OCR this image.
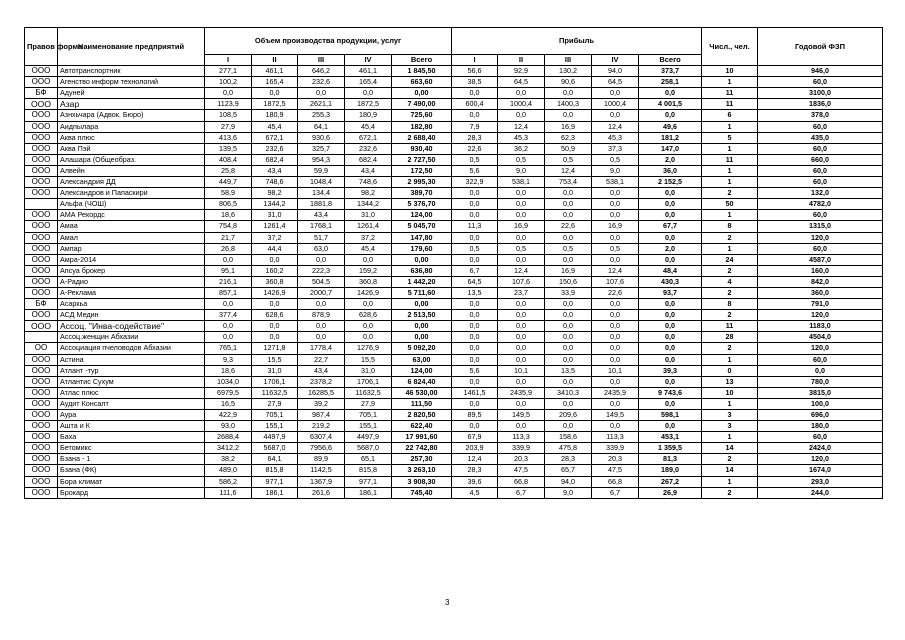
Правов форма	Наименование предприятий	Объем производства продукции, услуг					Прибыль					Числ., чел.	Годовой ФЗП
		I	II	III	IV	Всего	I	II	III	IV	Всего		
ООО	Автотранспортник	277,1	461,1	646,2	461,1	1 845,50	56,6	92,9	130,2	94,0	373,7	10	946,0
ООО	Агенство информ технологий	100,2	165,4	232,6	165,4	663,60	38,5	64,5	90,6	64,5	258,1	1	60,0
БФ	Адуней	0,0	0,0	0,0	0,0	0,00	0,0	0,0	0,0	0,0	0,0	11	3100,0
ООО	Азар	1123,9	1872,5	2621,1	1872,5	7 490,00	600,4	1000,4	1400,3	1000,4	4 001,5	11	1836,0
ООО	Азнхьчара (Адвок. Бюро)	108,5	180,9	255,3	180,9	725,60	0,0	0,0	0,0	0,0	0,0	6	378,0
ООО	Аидпылара	27,9	45,4	64,1	45,4	182,80	7,9	12,4	16,9	12,4	49,6	1	60,0
ООО	Аква плюс	413,6	672,1	930,6	672,1	2 688,40	28,3	45,3	62,3	45,3	181,2	5	435,0
ООО	Аква Пэй	139,5	232,6	325,7	232,6	930,40	22,6	36,2	50,9	37,3	147,0	1	60,0
ООО	Алашара (Общеобраз.	408,4	682,4	954,3	682,4	2 727,50	0,5	0,5	0,5	0,5	2,0	11	660,0
ООО	Алвейн	25,8	43,4	59,9	43,4	172,50	5,6	9,0	12,4	9,0	36,0	1	60,0
ООО	Александрия ДД	449,7	748,6	1048,4	748,6	2 995,30	322,9	538,1	753,4	538,1	2 152,5	1	60,0
ООО	Александров и Папаскири	58,9	98,2	134,4	98,2	389,70	0,0	0,0	0,0	0,0	0,0	2	132,0
	Альфа (ЧОШ)	806,5	1344,2	1881,8	1344,2	5 376,70	0,0	0,0	0,0	0,0	0,0	50	4782,0
ООО	АМА Рекордс	18,6	31,0	43,4	31,0	124,00	0,0	0,0	0,0	0,0	0,0	1	60,0
ООО	Амаа	754,8	1261,4	1768,1	1261,4	5 045,70	11,3	16,9	22,6	16,9	67,7	8	1315,0
ООО	Амал	21,7	37,2	51,7	37,2	147,80	0,0	0,0	0,0	0,0	0,0	2	120,0
ООО	Ампар	26,8	44,4	63,0	45,4	179,60	0,5	0,5	0,5	0,5	2,0	1	60,0
ООО	Амра-2014	0,0	0,0	0,0	0,0	0,00	0,0	0,0	0,0	0,0	0,0	24	4587,0
ООО	Апсуа брокер	95,1	160,2	222,3	159,2	636,80	6,7	12,4	16,9	12,4	48,4	2	160,0
ООО	А-Радио	216,1	360,8	504,5	360,8	1 442,20	64,5	107,6	150,6	107,6	430,3	4	842,0
ООО	А-Реклама	857,1	1426,9	2000,7	1426,9	5 711,60	13,5	23,7	33,9	22,6	93,7	2	360,0
БФ	Асаркьа	0,0	0,0	0,0	0,0	0,00	0,0	0,0	0,0	0,0	0,0	8	791,0
ООО	АСД Медин	377,4	628,6	878,9	628,6	2 513,50	0,0	0,0	0,0	0,0	0,0	2	120,0
ООО	Ассоц. "Инва-содействие"	0,0	0,0	0,0	0,0	0,00	0,0	0,0	0,0	0,0	0,0	11	1183,0
	Ассоц.женщин Абхазии	0,0	0,0	0,0	0,0	0,00	0,0	0,0	0,0	0,0	0,0	28	4504,0
ОО	Ассоциация пчеловодов Абхазии	765,1	1271,8	1778,4	1276,9	5 092,20	0,0	0,0	0,0	0,0	0,0	2	120,0
ООО	Астина	9,3	15,5	22,7	15,5	63,00	0,0	0,0	0,0	0,0	0,0	1	60,0
ООО	Атлант -тур	18,6	31,0	43,4	31,0	124,00	5,6	10,1	13,5	10,1	39,3	0	0,0
ООО	Атлантис Сухум	1034,0	1706,1	2378,2	1706,1	6 824,40	0,0	0,0	0,0	0,0	0,0	13	780,0
ООО	Атлас плюс	6979,5	11632,5	16285,5	11632,5	46 530,00	1461,5	2435,9	3410,3	2435,9	9 743,6	10	3815,0
ООО	Аудит Консалт	16,5	27,9	39,2	27,9	111,50	0,0	0,0	0,0	0,0	0,0	1	100,0
ООО	Аура	422,9	705,1	987,4	705,1	2 820,50	89,5	149,5	209,6	149,5	598,1	3	696,0
ООО	Ашта и К	93,0	155,1	219,2	155,1	622,40	0,0	0,0	0,0	0,0	0,0	3	180,0
ООО	Баха	2688,4	4497,9	6307,4	4497,9	17 991,60	67,9	113,3	158,6	113,3	453,1	1	60,0
ООО	Бетомикс	3412,2	5687,0	7956,6	5687,0	22 742,80	203,9	339,9	475,8	339,9	1 359,5	14	2424,0
ООО	Бзана - 1	38,2	64,1	89,9	65,1	257,30	12,4	20,3	28,3	20,3	81,3	2	120,0
ООО	Бзана (ФК)	489,0	815,8	1142,5	815,8	3 263,10	28,3	47,5	65,7	47,5	189,0	14	1674,0
ООО	Бора климат	586,2	977,1	1367,9	977,1	3 908,30	39,6	66,8	94,0	66,8	267,2	1	293,0
ООО	Брокард	111,6	186,1	261,6	186,1	745,40	4,5	6,7	9,0	6,7	26,9	2	244,0
3
